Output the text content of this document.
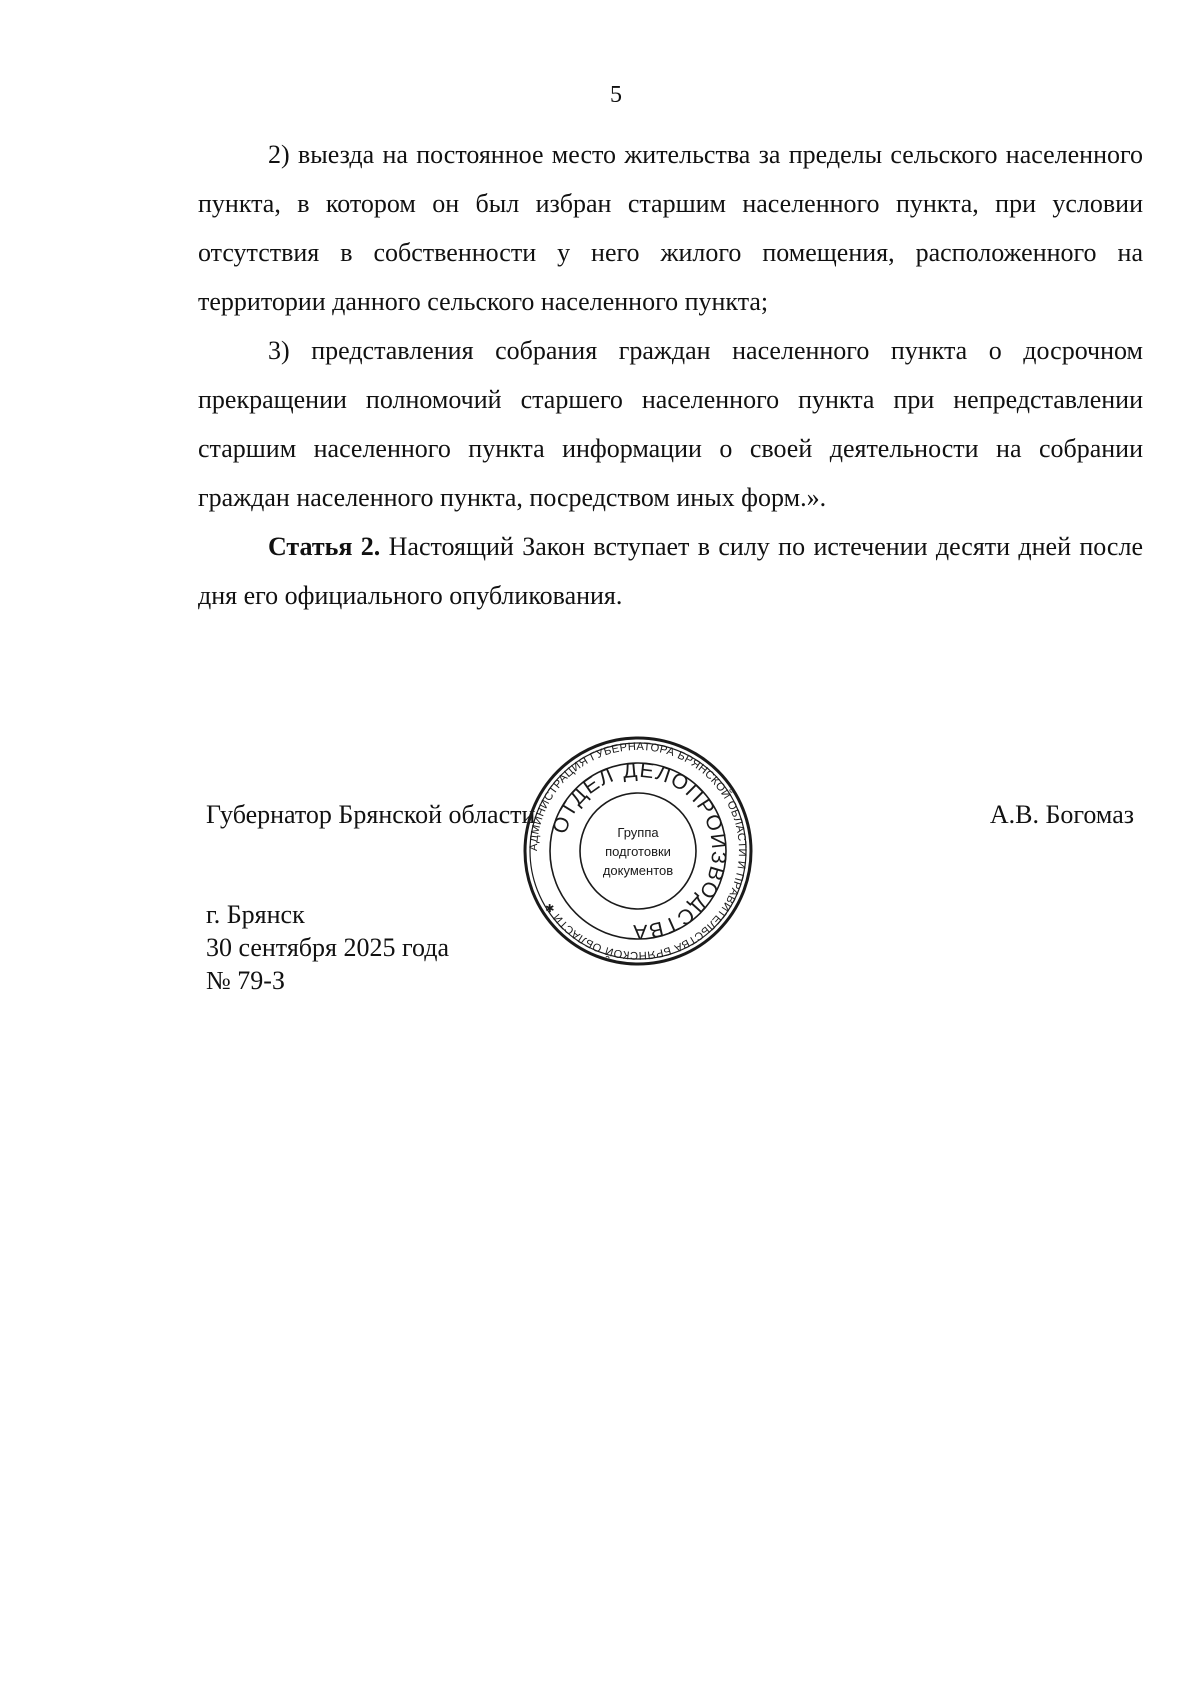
5

2) выезда на постоянное место жительства за пределы сельского населенного пункта, в котором он был избран старшим населенного пункта, при условии отсутствия в собственности у него жилого помещения, расположенного на территории данного сельского населенного пункта;

3) представления собрания граждан населенного пункта о досрочном прекращении полномочий старшего населенного пункта при непредставлении старшим населенного пункта информации о своей деятельности на собрании граждан населенного пункта, посредством иных форм.».

Статья 2. Настоящий Закон вступает в силу по истечении десяти дней после дня его официального опубликования.

Губернатор Брянской области	А.В. Богомаз
г. Брянск
30 сентября 2025 года
№ 79-З
АДМИНИСТРАЦИЯ ГУБЕРНАТОРА БРЯНСКОЙ ОБЛАСТИ И ПРАВИТЕЛЬСТВА БРЯНСКОЙ ОБЛАСТИ ✱
ОТДЕЛ ДЕЛОПРОИЗВОДСТВА
Группа
подготовки
документов
